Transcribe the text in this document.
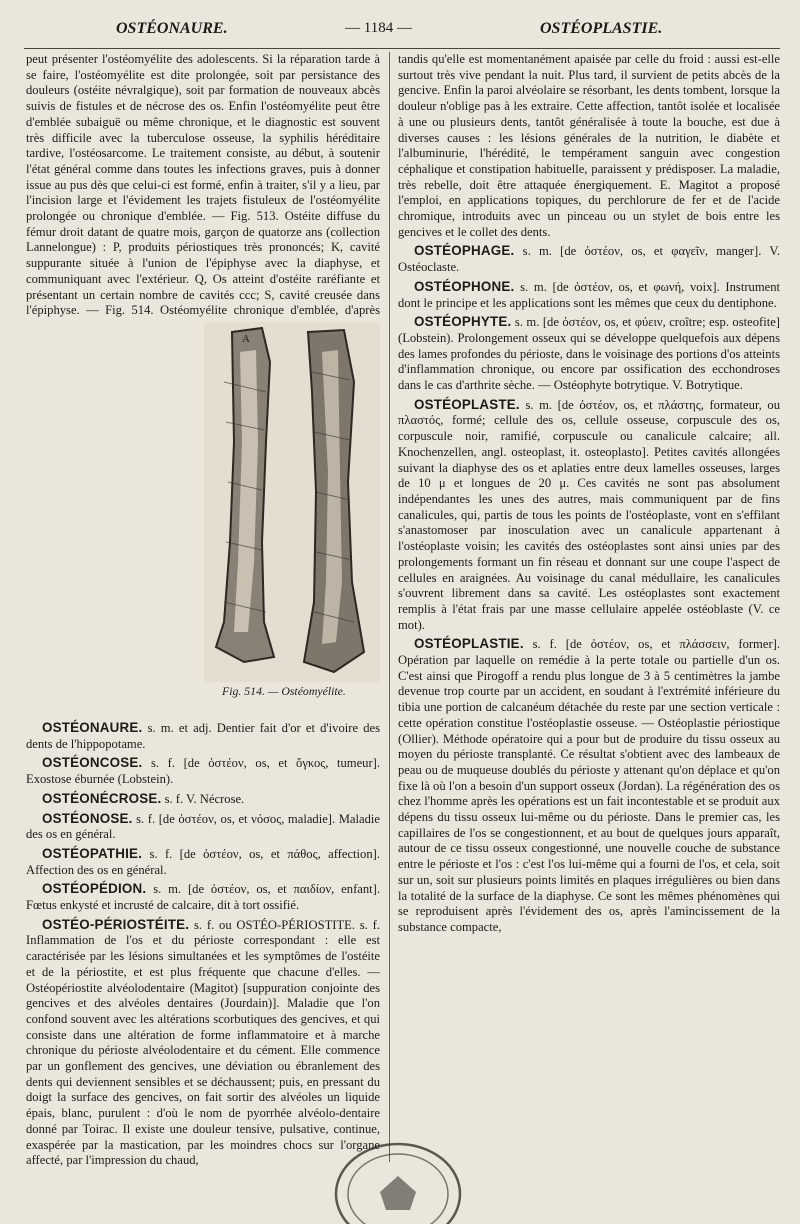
OSTÉONAURE.	— 1184 —	OSTÉOPLASTIE.

peut présenter l'ostéomyélite des adolescents. Si la réparation tarde à se faire, l'ostéomyélite est dite prolongée, soit par persistance des douleurs (ostéite névralgique), soit par formation de nouveaux abcès suivis de fistules et de nécrose des os. Enfin l'ostéomyélite peut être d'emblée subaiguë ou même chronique, et le diagnostic est souvent très difficile avec la tuberculose osseuse, la syphilis héréditaire tardive, l'ostéosarcome. Le traitement consiste, au début, à soutenir l'état général comme dans toutes les infections graves, puis à donner issue au pus dès que celui-ci est formé, enfin à traiter, s'il y a lieu, par l'incision large et l'évidement les trajets fistuleux de l'ostéomyélite prolongée ou chronique d'emblée. — Fig. 513. Ostéite diffuse du fémur droit datant de quatre mois, garçon de quatorze ans (collection Lannelongue) : P, produits périostiques très prononcés; K, cavité suppurante située à l'union de l'épiphyse avec la diaphyse, et communiquant avec l'extérieur. Q, Os atteint d'ostéite raréfiante et présentant un certain nombre de cavités ccc; S, cavité creusée dans l'épiphyse. — Fig. 514. Ostéomyélite chronique d'emblée, d'après

A
Fig. 514. — Ostéomyélite.
OSTÉONAURE. s. m. et adj. Dentier fait d'or et d'ivoire des dents de l'hippopotame.
OSTÉONCOSE. s. f. [de ὀστέον, os, et ὄγκος, tumeur]. Exostose éburnée (Lobstein).
OSTÉONÉCROSE. s. f. V. Nécrose.
OSTÉONOSE. s. f. [de ὀστέον, os, et νόσος, maladie]. Maladie des os en général.
OSTÉOPATHIE. s. f. [de ὀστέον, os, et πάθος, affection]. Affection des os en général.
OSTÉOPÉDION. s. m. [de ὀστέον, os, et παιδίον, enfant]. Fœtus enkysté et incrusté de calcaire, dit à tort ossifié.
OSTÉO-PÉRIOSTÉITE. s. f. ou OSTÉO-PÉRIOSTITE. s. f. Inflammation de l'os et du périoste correspondant : elle est caractérisée par les lésions simultanées et les symptômes de l'ostéite et de la périostite, et est plus fréquente que chacune d'elles. — Ostéopériostite alvéolodentaire (Magitot) [suppuration conjointe des gencives et des alvéoles dentaires (Jourdain)]. Maladie que l'on confond souvent avec les altérations scorbutiques des gencives, et qui consiste dans une altération de forme inflammatoire et à marche chronique du périoste alvéolodentaire et du cément. Elle commence par un gonflement des gencives, une déviation ou ébranlement des dents qui deviennent sensibles et se déchaussent; puis, en pressant du doigt la surface des gencives, on fait sortir des alvéoles un liquide épais, blanc, purulent : d'où le nom de pyorrhée alvéolo-dentaire donné par Toirac. Il existe une douleur tensive, pulsative, continue, exaspérée par la mastication, par les moindres chocs sur l'organe affecté, par l'impression du chaud,

tandis qu'elle est momentanément apaisée par celle du froid : aussi est-elle surtout très vive pendant la nuit. Plus tard, il survient de petits abcès de la gencive. Enfin la paroi alvéolaire se résorbant, les dents tombent, lorsque la douleur n'oblige pas à les extraire. Cette affection, tantôt isolée et localisée à une ou plusieurs dents, tantôt généralisée à toute la bouche, est due à diverses causes : les lésions générales de la nutrition, le diabète et l'albuminurie, l'hérédité, le tempérament sanguin avec congestion céphalique et constipation habituelle, paraissent y prédisposer. La maladie, très rebelle, doit être attaquée énergiquement. E. Magitot a proposé l'emploi, en applications topiques, du perchlorure de fer et de l'acide chromique, introduits avec un pinceau ou un stylet de bois entre les gencives et le collet des dents.

OSTÉOPHAGE. s. m. [de ὀστέον, os, et φαγεῖν, manger]. V. Ostéoclaste.
OSTÉOPHONE. s. m. [de ὀστέον, os, et φωνή, voix]. Instrument dont le principe et les applications sont les mêmes que ceux du dentiphone.
OSTÉOPHYTE. s. m. [de ὀστέον, os, et φύειν, croître; esp. osteofite] (Lobstein). Prolongement osseux qui se développe quelquefois aux dépens des lames profondes du périoste, dans le voisinage des portions d'os atteints d'inflammation chronique, ou encore par ossification des ecchondroses dans le cas d'arthrite sèche. — Ostéophyte botrytique. V. Botrytique.
OSTÉOPLASTE. s. m. [de ὀστέον, os, et πλάστης, formateur, ou πλαστός, formé; cellule des os, cellule osseuse, corpuscule des os, corpuscule noir, ramifié, corpuscule ou canalicule calcaire; all. Knochenzellen, angl. osteoplast, it. osteoplasto]. Petites cavités allongées suivant la diaphyse des os et aplaties entre deux lamelles osseuses, larges de 10 μ et longues de 20 μ. Ces cavités ne sont pas absolument indépendantes les unes des autres, mais communiquent par de fins canalicules, qui, partis de tous les points de l'ostéoplaste, vont en s'effilant s'anastomoser par inosculation avec un canalicule appartenant à l'ostéoplaste voisin; les cavités des ostéoplastes sont ainsi unies par des prolongements formant un fin réseau et donnant sur une coupe l'aspect de cellules en araignées. Au voisinage du canal médullaire, les canalicules s'ouvrent librement dans sa cavité. Les ostéoplastes sont exactement remplis à l'état frais par une masse cellulaire appelée ostéoblaste (V. ce mot).
OSTÉOPLASTIE. s. f. [de ὀστέον, os, et πλάσσειν, former]. Opération par laquelle on remédie à la perte totale ou partielle d'un os. C'est ainsi que Pirogoff a rendu plus longue de 3 à 5 centimètres la jambe devenue trop courte par un accident, en soudant à l'extrémité inférieure du tibia une portion de calcanéum détachée du reste par une section verticale : cette opération constitue l'ostéoplastie osseuse. — Ostéoplastie périostique (Ollier). Méthode opératoire qui a pour but de produire du tissu osseux au moyen du périoste transplanté. Ce résultat s'obtient avec des lambeaux de peau ou de muqueuse doublés du périoste y attenant qu'on déplace et qu'on fixe là où l'on a besoin d'un support osseux (Jordan). La régénération des os chez l'homme après les opérations est un fait incontestable et se produit aux dépens du tissu osseux lui-même ou du périoste. Dans le premier cas, les capillaires de l'os se congestionnent, et au bout de quelques jours apparaît, autour de ce tissu osseux congestionné, une nouvelle couche de substance entre le périoste et l'os : c'est l'os lui-même qui a fourni de l'os, et cela, soit sur un, soit sur plusieurs points limités en plaques irrégulières ou bien dans la totalité de la surface de la diaphyse. Ce sont les mêmes phénomènes qui se reproduisent après l'évidement des os, après l'amincissement de la substance compacte,
